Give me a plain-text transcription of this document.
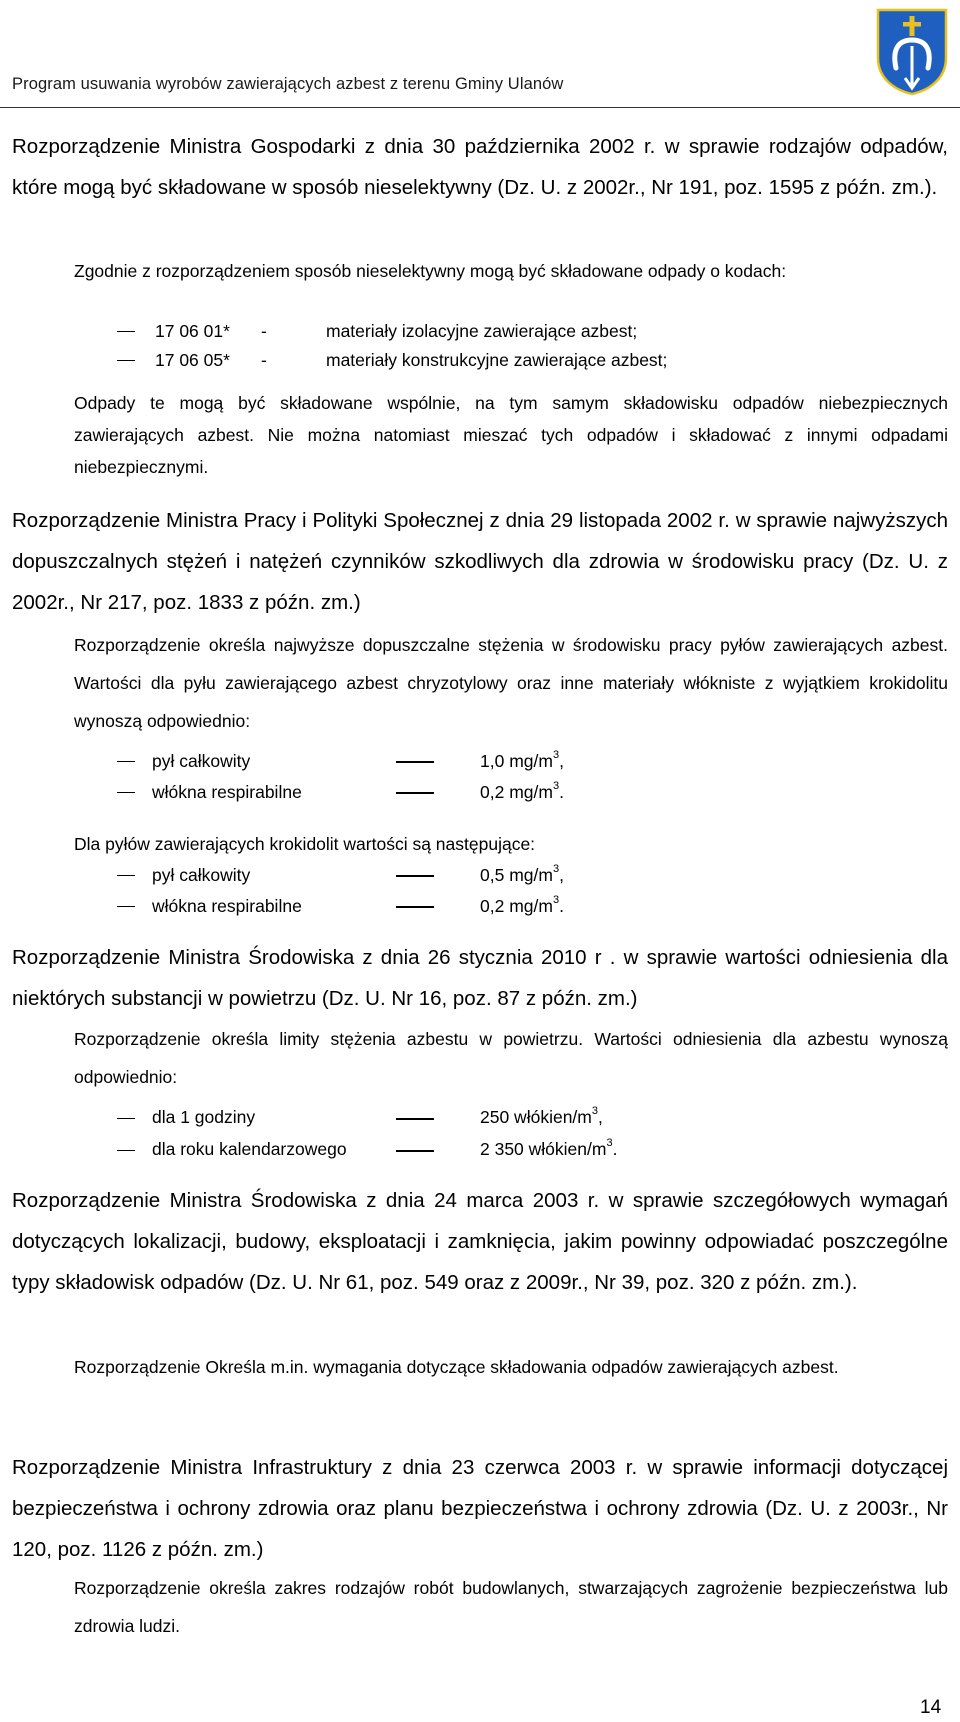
Program usuwania wyrobów zawierających azbest z terenu Gminy Ulanów
Rozporządzenie Ministra Gospodarki z dnia 30 października 2002 r. w sprawie rodzajów odpadów, które mogą być składowane w sposób nieselektywny (Dz. U. z 2002r., Nr 191, poz. 1595 z późn. zm.).
Zgodnie z rozporządzeniem sposób nieselektywny mogą być składowane odpady o kodach:
17 06 01* -	materiały izolacyjne zawierające azbest;
17 06 05* -	materiały konstrukcyjne zawierające azbest;
Odpady te mogą być składowane wspólnie, na tym samym składowisku odpadów niebezpiecznych zawierających azbest. Nie można natomiast mieszać tych odpadów i składować z innymi odpadami niebezpiecznymi.
Rozporządzenie Ministra Pracy i Polityki Społecznej z dnia 29 listopada 2002 r. w sprawie najwyższych dopuszczalnych stężeń i natężeń czynników szkodliwych dla zdrowia w środowisku pracy (Dz. U. z 2002r., Nr 217, poz. 1833 z późn. zm.)
Rozporządzenie określa najwyższe dopuszczalne stężenia w środowisku pracy pyłów zawierających azbest. Wartości dla pyłu zawierającego azbest chryzotylowy oraz inne materiały włókniste z wyjątkiem krokidolitu wynoszą odpowiednio:
pył całkowity	1,0 $mg/m^3$,
włókna respirabilne	0,2 $mg/m^3$.
Dla pyłów zawierających krokidolit wartości są następujące:
pył całkowity	0,5 $mg/m^3$,
włókna respirabilne	0,2 $mg/m^3$.
Rozporządzenie Ministra Środowiska z dnia 26 stycznia 2010 r . w sprawie wartości odniesienia dla niektórych substancji w powietrzu (Dz. U. Nr 16, poz. 87 z późn. zm.)
Rozporządzenie określa limity stężenia azbestu w powietrzu. Wartości odniesienia dla azbestu wynoszą odpowiednio:
dla 1 godziny	250 włókien/$m^3$,
dla roku kalendarzowego	2 350 włókien/$m^3$.
Rozporządzenie Ministra Środowiska z dnia 24 marca 2003 r. w sprawie szczegółowych wymagań dotyczących lokalizacji, budowy, eksploatacji i zamknięcia, jakim powinny odpowiadać poszczególne typy składowisk odpadów (Dz. U. Nr 61, poz. 549 oraz z 2009r., Nr 39, poz. 320 z późn. zm.).
Rozporządzenie Określa m.in. wymagania dotyczące składowania odpadów zawierających azbest.
Rozporządzenie Ministra Infrastruktury z dnia 23 czerwca 2003 r. w sprawie informacji dotyczącej bezpieczeństwa i ochrony zdrowia oraz planu bezpieczeństwa i ochrony zdrowia (Dz. U. z 2003r., Nr 120, poz. 1126 z późn. zm.)
Rozporządzenie określa zakres rodzajów robót budowlanych, stwarzających zagrożenie bezpieczeństwa lub zdrowia ludzi.
14
